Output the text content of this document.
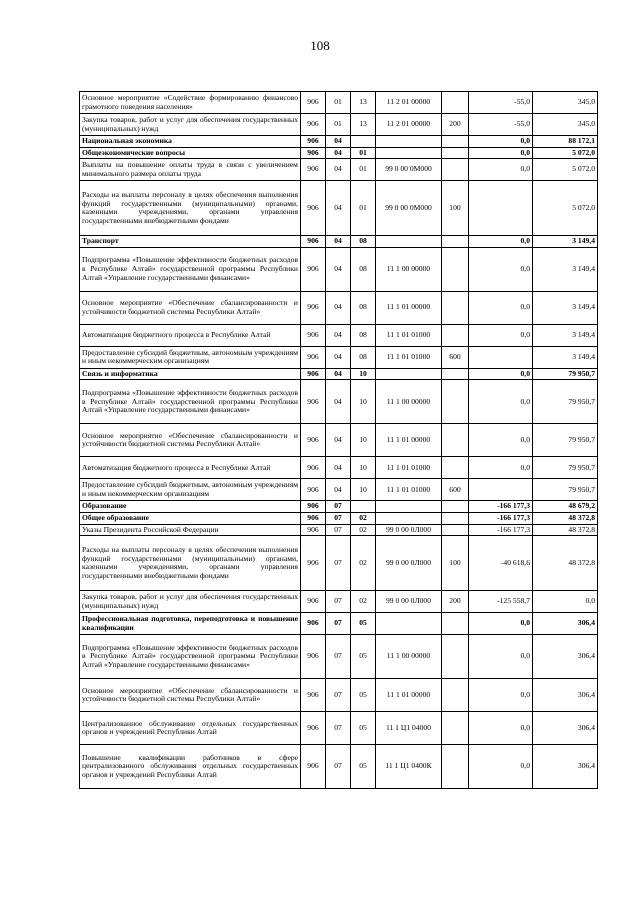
108
Основное мероприятие «Содействие формированию финансово грамотного поведения населения»	906	01	13	11 2 01 00000		-55,0	345,0
Закупка товаров, работ и услуг для обеспечения государственных (муниципальных) нужд	906	01	13	11 2 01 00000	200	-55,0	345,0
Национальная экономика	906	04				0,0	88 172,1
Общеэкономические вопросы	906	04	01			0,0	5 072,0
Выплаты на повышение оплаты труда в связи с увеличением минимального размера оплаты труда	906	04	01	99 0 00 0М000		0,0	5 072,0
Расходы на выплаты персоналу в целях обеспечения выполнения функций государственными (муниципальными) органами, казенными учреждениями, органами управления государственными внебюджетными фондами	906	04	01	99 0 00 0М000	100		5 072,0
Транспорт	906	04	08			0,0	3 149,4
Подпрограмма «Повышение эффективности бюджетных расходов в Республике Алтай» государственной программы Республики Алтай «Управление государственными финансами»	906	04	08	11 1 00 00000		0,0	3 149,4
Основное мероприятие «Обеспечение сбалансированности и устойчивости бюджетной системы Республики Алтай»	906	04	08	11 1 01 00000		0,0	3 149,4
Автоматизация бюджетного процесса в Республике Алтай	906	04	08	11 1 01 01000		0,0	3 149,4
Предоставление субсидий бюджетным, автономным учреждениям и иным некоммерческим организациям	906	04	08	11 1 01 01000	600		3 149,4
Связь и информатика	906	04	10			0,0	79 950,7
Подпрограмма «Повышение эффективности бюджетных расходов в Республике Алтай» государственной программы Республики Алтай «Управление государственными финансами»	906	04	10	11 1 00 00000		0,0	79 950,7
Основное мероприятие «Обеспечение сбалансированности и устойчивости бюджетной системы Республики Алтай»	906	04	10	11 1 01 00000		0,0	79 950,7
Автоматизация бюджетного процесса в Республике Алтай	906	04	10	11 1 01 01000		0,0	79 950,7
Предоставление субсидий бюджетным, автономным учреждениям и иным некоммерческим организациям	906	04	10	11 1 01 01000	600		79 950,7
Образование	906	07				-166 177,3	48 679,2
Общее образование	906	07	02			-166 177,3	48 372,8
Указы Президента Российской Федерации	906	07	02	99 0 00 0Л000		-166 177,3	48 372,8
Расходы на выплаты персоналу в целях обеспечения выполнения функций государственными (муниципальными) органами, казенными учреждениями, органами управления государственными внебюджетными фондами	906	07	02	99 0 00 0Л000	100	-40 618,6	48 372,8
Закупка товаров, работ и услуг для обеспечения государственных (муниципальных) нужд	906	07	02	99 0 00 0Л000	200	-125 558,7	0,0
Профессиональная подготовка, переподготовка и повышение квалификации	906	07	05			0,0	306,4
Подпрограмма «Повышение эффективности бюджетных расходов в Республике Алтай» государственной программы Республики Алтай «Управление государственными финансами»	906	07	05	11 1 00 00000		0,0	306,4
Основное мероприятие «Обеспечение сбалансированности и устойчивости бюджетной системы Республики Алтай»	906	07	05	11 1 01 00000		0,0	306,4
Централизованное обслуживание отдельных государственных органов и учреждений Республики Алтай	906	07	05	11 1 Ц1 04000		0,0	306,4
Повышение квалификации работников в сфере централизованного обслуживания отдельных государственных органов и учреждений Республики Алтай	906	07	05	11 1 Ц1 0400К		0,0	306,4
